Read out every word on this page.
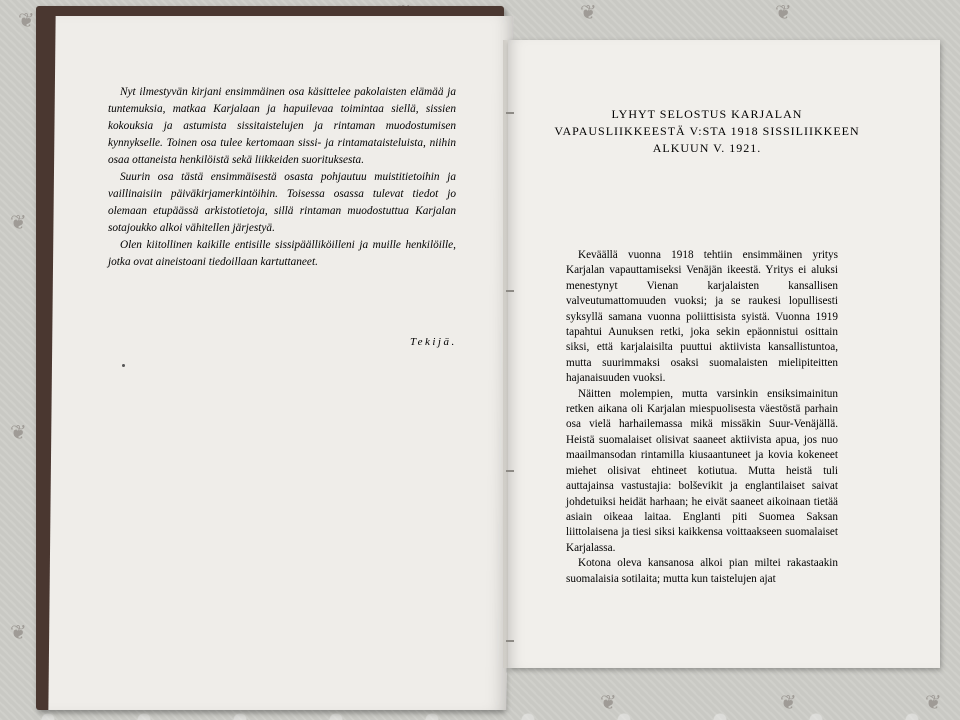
❦	❦	❦
❦
❦
❦
❦	❦	❦

Nyt ilmestyvän kirjani ensimmäinen osa käsittelee pakolaisten elämää ja tuntemuksia, matkaa Karjalaan ja hapuilevaa toimintaa siellä, sissien kokouksia ja astumista sissitaistelujen ja rintaman muodostumisen kynnykselle. Toinen osa tulee kertomaan sissi- ja rintamataisteluista, niihin osaa ottaneista henkilöistä sekä liikkeiden suorituksesta.

Suurin osa tästä ensimmäisestä osasta pohjautuu muistitietoihin ja vaillinaisiin päiväkirjamerkintöihin. Toisessa osassa tulevat tiedot jo olemaan etupäässä arkistotietoja, sillä rintaman muodostuttua Karjalan sotajoukko alkoi vähitellen järjestyä.

Olen kiitollinen kaikille entisille sissipäälliköilleni ja muille henkilöille, jotka ovat aineistoani tiedoillaan kartuttaneet.

Tekijä.
LYHYT SELOSTUS KARJALAN VAPAUSLIIKKEESTÄ V:STA 1918 SISSILIIKKEEN ALKUUN V. 1921.

Keväällä vuonna 1918 tehtiin ensimmäinen yritys Karjalan vapauttamiseksi Venäjän ikeestä. Yritys ei aluksi menestynyt Vienan karjalaisten kansallisen valveutumattomuuden vuoksi; ja se raukesi lopullisesti syksyllä samana vuonna poliittisista syistä. Vuonna 1919 tapahtui Aunuksen retki, joka sekin epäonnistui osittain siksi, että karjalaisilta puuttui aktiivista kansallistuntoa, mutta suurimmaksi osaksi suomalaisten mielipiteitten hajanaisuuden vuoksi.

Näitten molempien, mutta varsinkin ensiksimainitun retken aikana oli Karjalan miespuolisesta väestöstä parhain osa vielä harhailemassa mikä missäkin Suur-Venäjällä. Heistä suomalaiset olisivat saaneet aktiivista apua, jos nuo maailmansodan rintamilla kiusaantuneet ja kovia kokeneet miehet olisivat ehtineet kotiutua. Mutta heistä tuli auttajainsa vastustajia: bolševikit ja englantilaiset saivat johdetuiksi heidät harhaan; he eivät saaneet aikoinaan tietää asiain oikeaa laitaa. Englanti piti Suomea Saksan liittolaisena ja tiesi siksi kaikkensa voittaakseen suomalaiset Karjalassa.

Kotona oleva kansanosa alkoi pian miltei rakastaakin suomalaisia sotilaita; mutta kun taistelujen ajat
